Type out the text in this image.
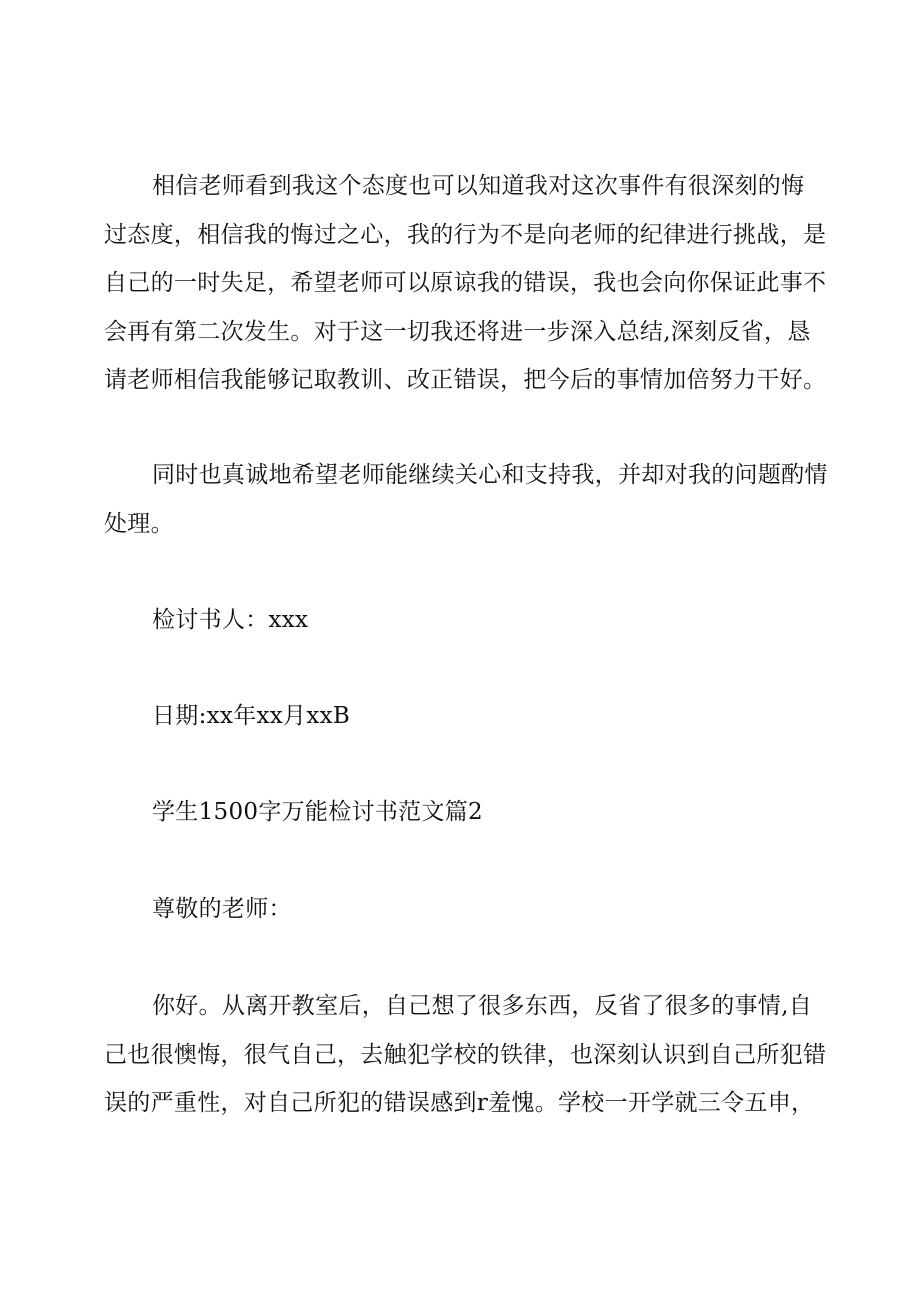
相信老师看到我这个态度也可以知道我对这次事件有很深刻的悔
过态度，相信我的悔过之心，我的行为不是向老师的纪律进行挑战，是
自己的一时失足，希望老师可以原谅我的错误，我也会向你保证此事不
会再有第二次发生。对于这一切我还将进一步深入总结,深刻反省，恳
请老师相信我能够记取教训、改正错误，把今后的事情加倍努力干好。
同时也真诚地希望老师能继续关心和支持我，并却对我的问题酌情
处理。
检讨书人：xxx
日期:xx年xx月xxB
学生1500字万能检讨书范文篇2
尊敬的老师：
你好。从离开教室后，自己想了很多东西，反省了很多的事情,自
己也很懊悔，很气自己，去触犯学校的铁律，也深刻认识到自己所犯错
误的严重性，对自己所犯的错误感到r羞愧。学校一开学就三令五申，
